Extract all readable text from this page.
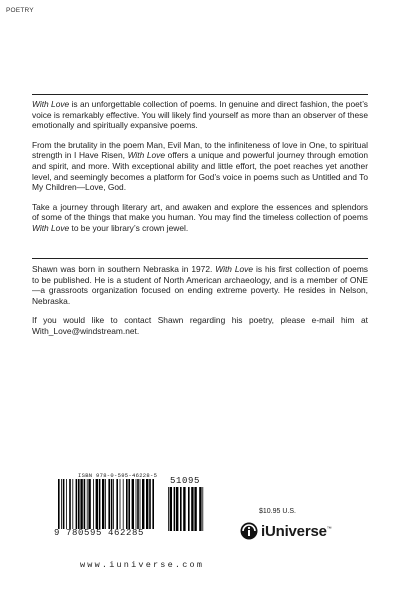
POETRY

With Love is an unforgettable collection of poems. In genuine and direct fashion, the poet’s voice is remarkably effective. You will likely find yourself as more than an observer of these emotionally and spiritually expansive poems.

From the brutality in the poem Man, Evil Man, to the infiniteness of love in One, to spiritual strength in I Have Risen, With Love offers a unique and powerful journey through emotion and spirit, and more. With exceptional ability and little effort, the poet reaches yet another level, and seemingly becomes a platform for God’s voice in poems such as Untitled and To My Children—Love, God.

Take a journey through literary art, and awaken and explore the essences and splendors of some of the things that make you human. You may find the timeless collection of poems With Love to be your library’s crown jewel.

Shawn was born in southern Nebraska in 1972. With Love is his first collection of poems to be published. He is a student of North American archaeology, and is a member of ONE—a grassroots organization focused on ending extreme poverty. He resides in Nelson, Nebraska.

If you would like to contact Shawn regarding his poetry, please e-mail him at With_Love@windstream.net.

ISBN 978-0-595-46228-5
9 780595 462285
51095
$10.95 U.S.
iUniverse™
www.iuniverse.com
